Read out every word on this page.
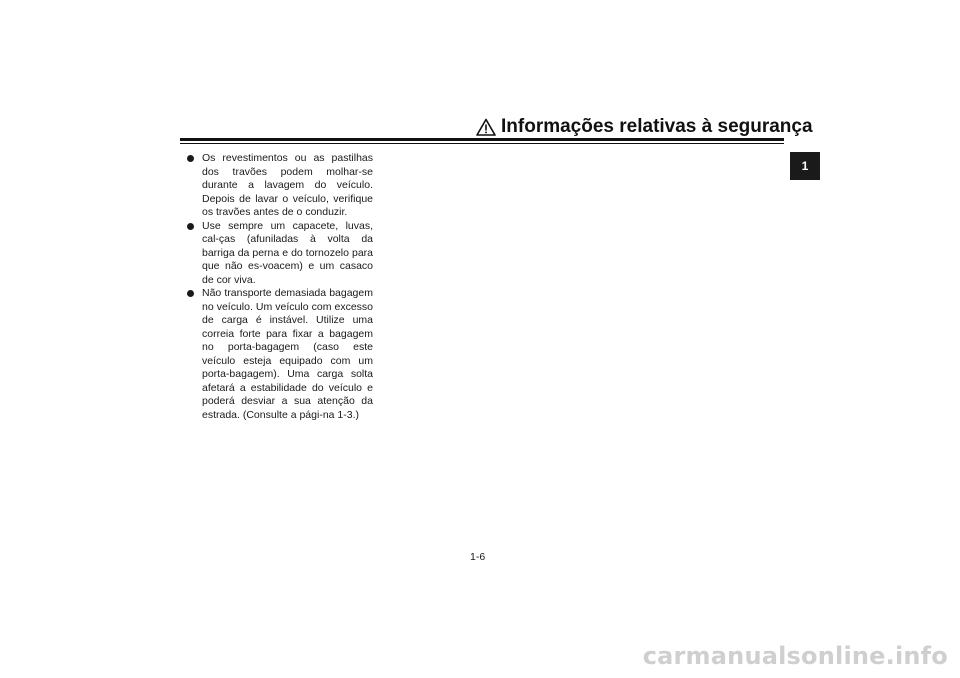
Informações relativas à segurança
1
Os revestimentos ou as pastilhas dos travões podem molhar-se durante a lavagem do veículo. Depois de lavar o veículo, verifique os travões antes de o conduzir.
Use sempre um capacete, luvas, cal-ças (afuniladas à volta da barriga da perna e do tornozelo para que não es-voacem) e um casaco de cor viva.
Não transporte demasiada bagagem no veículo. Um veículo com excesso de carga é instável. Utilize uma correia forte para fixar a bagagem no porta-bagagem (caso este veículo esteja equipado com um porta-bagagem). Uma carga solta afetará a estabilidade do veículo e poderá desviar a sua atenção da estrada. (Consulte a pági-na 1-3.)
1-6
carmanualsonline.info
